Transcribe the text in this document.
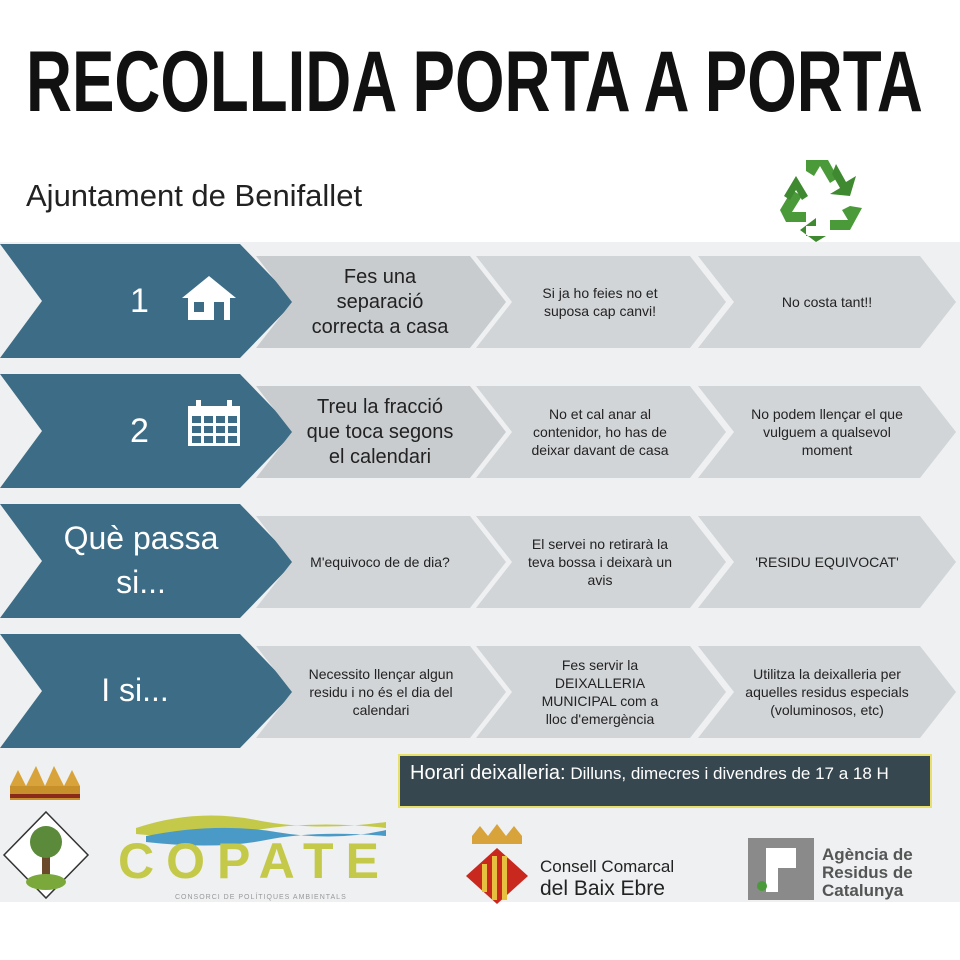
RECOLLIDA PORTA A PORTA
Ajuntament de Benifallet
1
Fes una separació correcta a casa
Si ja ho feies no et suposa cap canvi!
No costa tant!!
2
Treu la fracció que toca segons el calendari
No et cal anar al contenidor, ho has de deixar davant de casa
No podem llençar el que vulguem a qualsevol moment
Què passa si...
M'equivoco de de dia?
El servei no retirarà la teva bossa i deixarà un avis
'RESIDU EQUIVOCAT'
I si...	Necessito llençar algun residu i no és el dia del calendari
Fes servir la DEIXALLERIA MUNICIPAL com a lloc d'emergència
Utilitza la deixalleria per aquelles residus especials (voluminosos, etc)
Horari deixalleria: Dilluns, dimecres i divendres de 17 a 18 H
COPATE
CONSORCI DE POLÍTIQUES AMBIENTALS
Consell Comarcal
del Baix Ebre
Agència de
Residus de
Catalunya
